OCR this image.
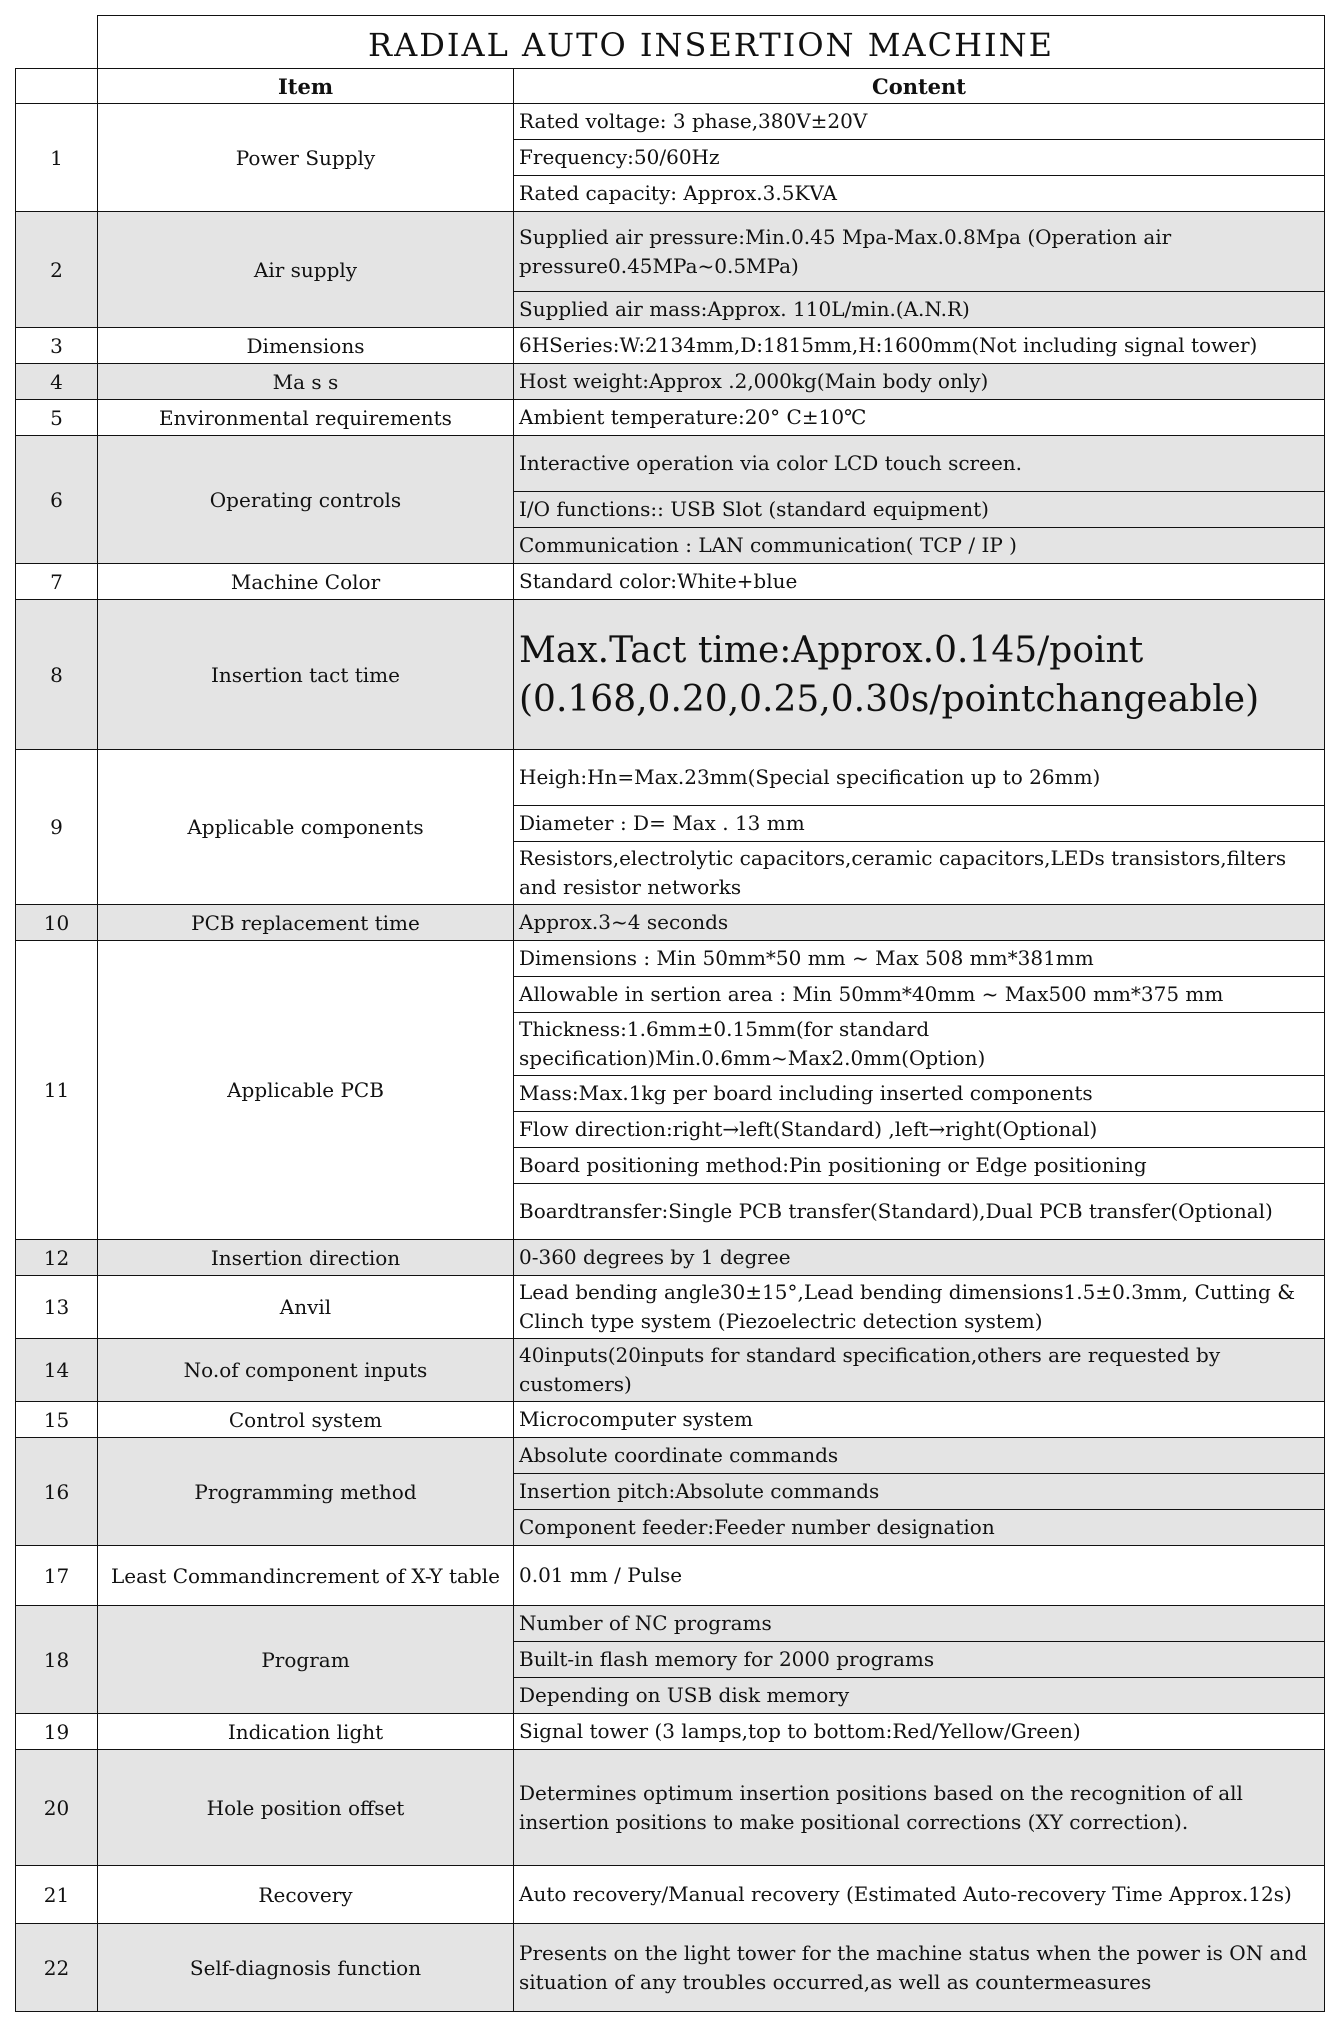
	RADIAL AUTO INSERTION MACHINE	
	Item	Content
1	Power Supply	Rated voltage: 3 phase,380V±20V
		Frequency:50/60Hz
		Rated capacity: Approx.3.5KVA
2	Air supply	Supplied air pressure:Min.0.45 Mpa-Max.0.8Mpa (Operation air pressure0.45MPa~0.5MPa)
		Supplied air mass:Approx. 110L/min.(A.N.R)
3	Dimensions	6HSeries:W:2134mm,D:1815mm,H:1600mm(Not including signal tower)
4	Ma s s	Host weight:Approx .2,000kg(Main body only)
5	Environmental requirements	Ambient temperature:20° C±10℃
6	Operating controls	Interactive operation via color LCD touch screen.
		I/O functions:: USB Slot (standard equipment)
		Communication : LAN communication( TCP / IP )
7	Machine Color	Standard color:White+blue
8	Insertion tact time	Max.Tact time:Approx.0.145/point (0.168,0.20,0.25,0.30s/pointchangeable)
9	Applicable components	Heigh:Hn=Max.23mm(Special specification up to 26mm)
		Diameter : D= Max . 13 mm
		Resistors,electrolytic capacitors,ceramic capacitors,LEDs transistors,filters and resistor networks
10	PCB replacement time	Approx.3~4 seconds
11	Applicable PCB	Dimensions : Min 50mm*50 mm ~ Max 508 mm*381mm
		Allowable in sertion area : Min 50mm*40mm ~ Max500 mm*375 mm
		Thickness:1.6mm±0.15mm(for standard specification)Min.0.6mm~Max2.0mm(Option)
		Mass:Max.1kg per board including inserted components
		Flow direction:right→left(Standard) ,left→right(Optional)
		Board positioning method:Pin positioning or Edge positioning
		Boardtransfer:Single PCB transfer(Standard),Dual PCB transfer(Optional)
12	Insertion direction	0-360 degrees by 1 degree
13	Anvil	Lead bending angle30±15°,Lead bending dimensions1.5±0.3mm, Cutting & Clinch type system (Piezoelectric detection system)
14	No.of component inputs	40inputs(20inputs for standard specification,others are requested by customers)
15	Control system	Microcomputer system
16	Programming method	Absolute coordinate commands
		Insertion pitch:Absolute commands
		Component feeder:Feeder number designation
17	Least Commandincrement of X-Y table	0.01 mm / Pulse
18	Program	Number of NC programs
		Built-in flash memory for 2000 programs
		Depending on USB disk memory
19	Indication light	Signal tower (3 lamps,top to bottom:Red/Yellow/Green)
20	Hole position offset	Determines optimum insertion positions based on the recognition of all insertion positions to make positional corrections (XY correction).
21	Recovery	Auto recovery/Manual recovery (Estimated Auto-recovery Time Approx.12s)
22	Self-diagnosis function	Presents on the light tower for the machine status when the power is ON and situation of any troubles occurred,as well as countermeasures
